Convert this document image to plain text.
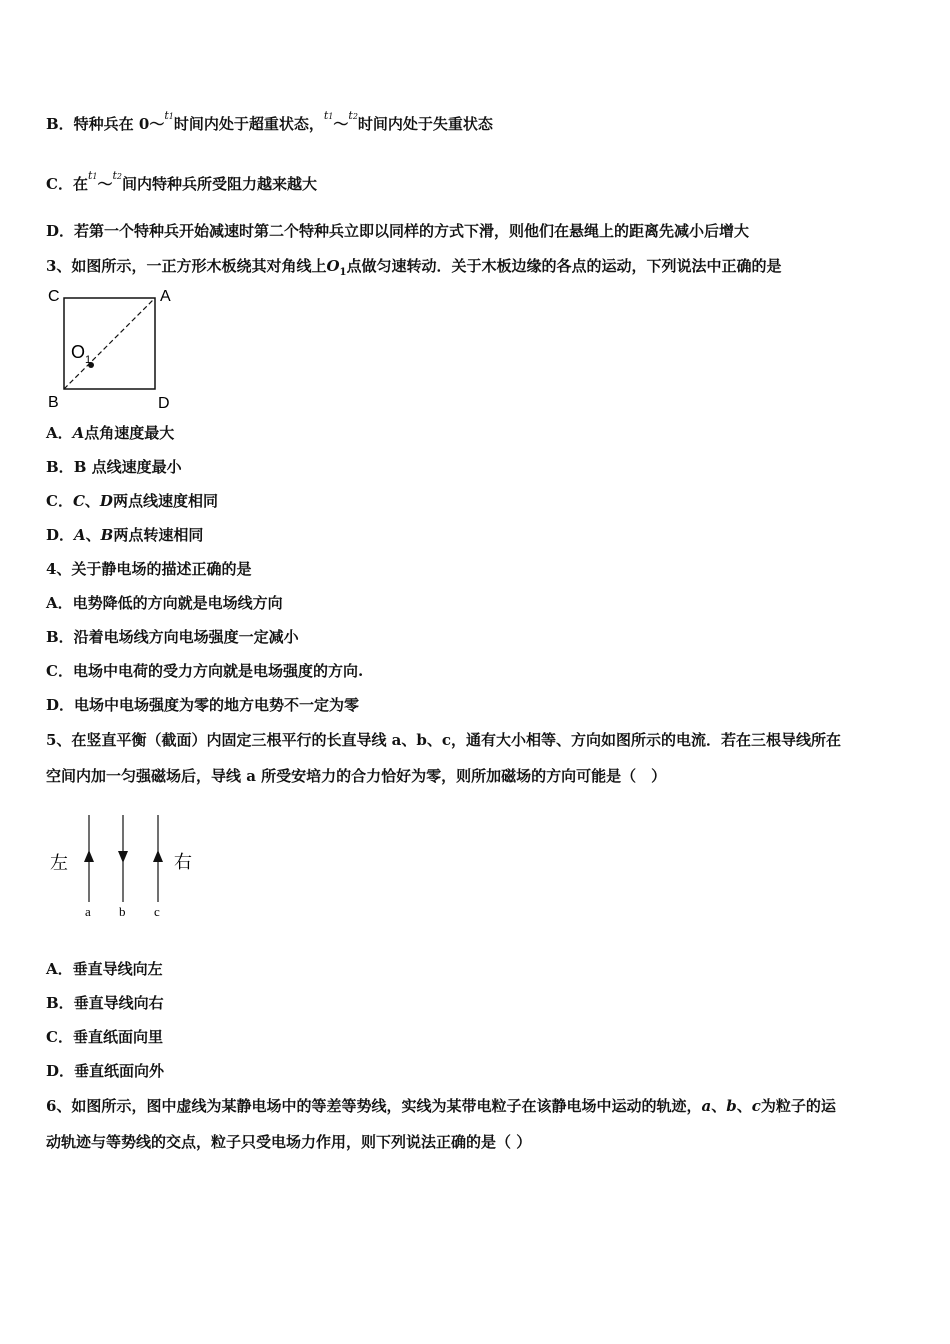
B．特种兵在 0～$^{t1}$时间内处于超重状态，$^{t1}$～$^{t2}$时间内处于失重状态
C．在$^{t1}$～$^{t2}$间内特种兵所受阻力越来越大
D．若第一个特种兵开始减速时第二个特种兵立即以同样的方式下滑，则他们在悬绳上的距离先减小后增大
3、如图所示，一正方形木板绕其对角线上$O_1$点做匀速转动．关于木板边缘的各点的运动，下列说法中正确的是
C	A
B	D
O 1
A．A点角速度最大
B．B 点线速度最小
C．C、D两点线速度相同
D．A、B两点转速相同
4、关于静电场的描述正确的是
A．电势降低的方向就是电场线方向
B．沿着电场线方向电场强度一定减小
C．电场中电荷的受力方向就是电场强度的方向.
D．电场中电场强度为零的地方电势不一定为零
5、在竖直平衡（截面）内固定三根平行的长直导线 a、b、c，通有大小相等、方向如图所示的电流．若在三根导线所在
空间内加一匀强磁场后，导线 a 所受安培力的合力恰好为零，则所加磁场的方向可能是（　）
左	右
a b c
A．垂直导线向左
B．垂直导线向右
C．垂直纸面向里
D．垂直纸面向外
6、如图所示，图中虚线为某静电场中的等差等势线，实线为某带电粒子在该静电场中运动的轨迹，a、b、c为粒子的运
动轨迹与等势线的交点，粒子只受电场力作用，则下列说法正确的是（ ）
